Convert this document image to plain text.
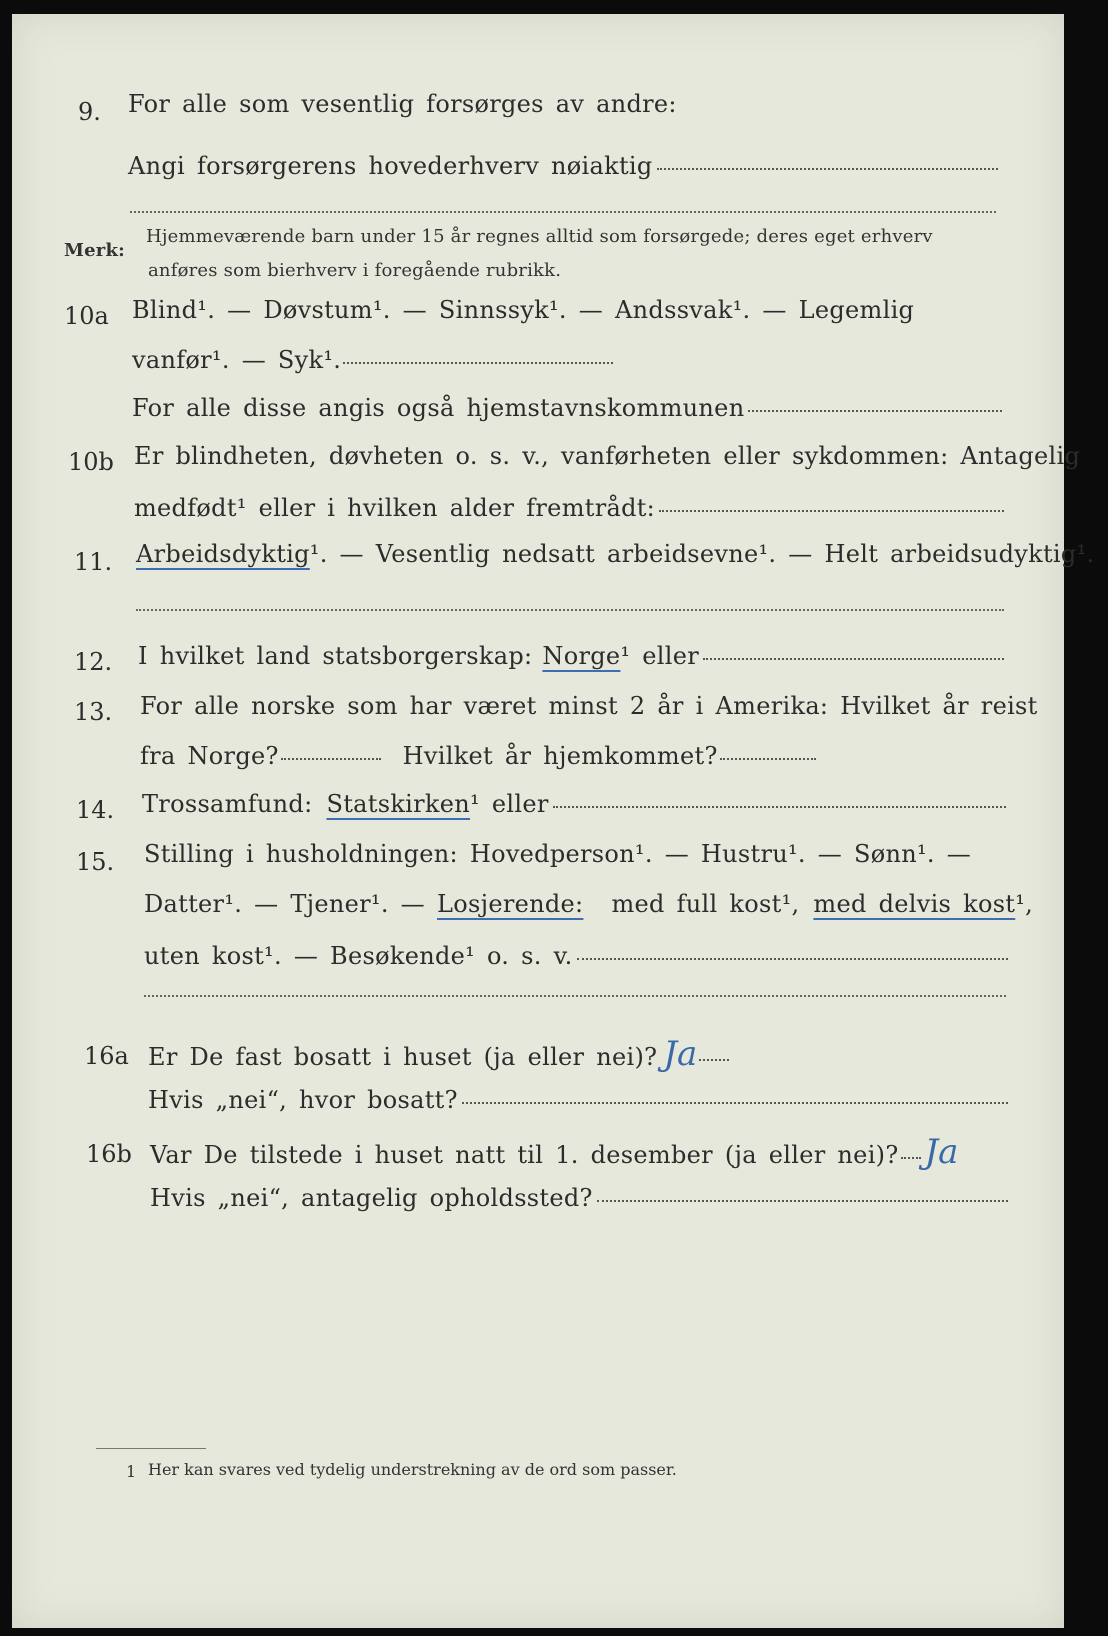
9. For alle som vesentlig forsørges av andre:
Angi forsørgerens hovederhverv nøiaktig
Merk:
Hjemmeværende barn under 15 år regnes alltid som forsørgede; deres eget erhverv
anføres som bierhverv i foregående rubrikk.
10a Blind¹. — Døvstum¹. — Sinnssyk¹. — Andssvak¹. — Legemlig
vanfør¹. — Syk¹.
For alle disse angis også hjemstavnskommunen
10b Er blindheten, døvheten o. s. v., vanførheten eller sykdommen: Antagelig
medfødt¹ eller i hvilken alder fremtrådt:
11. Arbeidsdyktig ¹. — Vesentlig nedsatt arbeidsevne¹. — Helt arbeidsudyktig¹.
12. I hvilket land statsborgerskap: Norge ¹ eller
13. For alle norske som har været minst 2 år i Amerika: Hvilket år reist
fra Norge?	Hvilket år hjemkommet?
14. Trossamfund: Statskirken ¹ eller
15. Stilling i husholdningen: Hovedperson¹. — Hustru¹. — Sønn¹. —
Datter¹. — Tjener¹. — Losjerende: med full kost¹, med delvis kost ¹,
uten kost¹. — Besøkende¹ o. s. v.
16a Er De fast bosatt i huset (ja eller nei)? Ja
Hvis „nei“, hvor bosatt?
16b Var De tilstede i huset natt til 1. desember (ja eller nei)? Ja
Hvis „nei“, antagelig opholdssted?
1 Her kan svares ved tydelig understrekning av de ord som passer.
